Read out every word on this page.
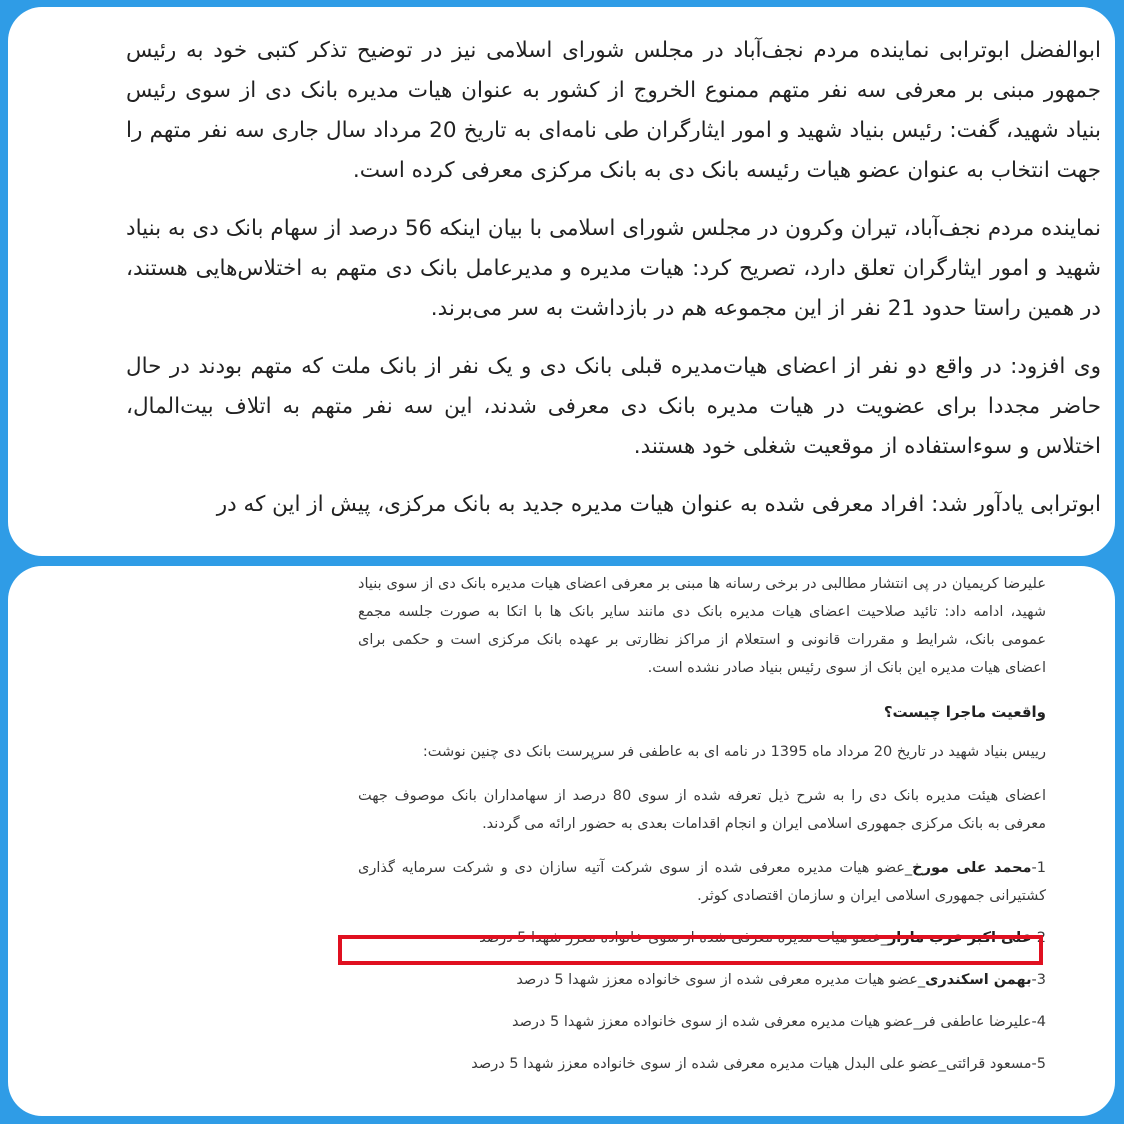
ابوالفضل ابوترابی نماینده مردم نجف‌آباد در مجلس شورای اسلامی نیز در توضیح تذکر کتبی خود به رئیس جمهور مبنی بر معرفی سه نفر متهم ممنوع الخروج از کشور به عنوان هیات مدیره بانک دی از سوی رئیس بنیاد شهید، گفت: رئیس بنیاد شهید و امور ایثارگران طی نامه‌ای به تاریخ 20 مرداد سال جاری سه نفر متهم را جهت انتخاب به عنوان عضو هیات رئیسه بانک دی به بانک مرکزی معرفی کرده است.

نماینده مردم نجف‌آباد، تیران وکرون در مجلس شورای اسلامی با بیان اینکه 56 درصد از سهام بانک دی به بنیاد شهید و امور ایثارگران تعلق دارد، تصریح کرد: هیات مدیره و مدیرعامل بانک دی متهم به اختلاس‌هایی هستند، در همین راستا حدود 21 نفر از این مجموعه هم در بازداشت به سر می‌برند.

وی افزود: در واقع دو نفر از اعضای هیات‌مدیره قبلی بانک دی و یک نفر از بانک ملت که متهم بودند در حال حاضر مجددا برای عضویت در هیات مدیره بانک دی معرفی شدند، این سه نفر متهم به اتلاف بیت‌المال، اختلاس و سوءاستفاده از موقعیت شغلی خود هستند.

ابوترابی یادآور شد: افراد معرفی شده به عنوان هیات مدیره جدید به بانک مرکزی، پیش از این که در

علیرضا کریمیان در پی انتشار مطالبی در برخی رسانه ها مبنی بر معرفی اعضای هیات مدیره بانک دی از سوی بنیاد شهید، ادامه داد: تائید صلاحیت اعضای هیات مدیره بانک دی مانند سایر بانک ها با اتکا به صورت جلسه مجمع عمومی بانک، شرایط و مقررات قانونی و استعلام از مراکز نظارتی بر عهده بانک مرکزی است و حکمی برای اعضای هیات مدیره این بانک از سوی رئیس بنیاد صادر نشده است.

واقعیت ماجرا چیست؟

رییس بنیاد شهید در تاریخ 20 مرداد ماه 1395 در نامه ای به عاطفی فر سرپرست بانک دی چنین نوشت:

اعضای هیئت مدیره بانک دی را به شرح ذیل تعرفه شده از سوی 80 درصد از سهامداران بانک موصوف جهت معرفی به بانک مرکزی جمهوری اسلامی ایران و انجام اقدامات بعدی به حضور ارائه می گردند.

1-محمد علی مورخ_عضو هیات مدیره معرفی شده از سوی شرکت آتیه سازان دی و شرکت سرمایه گذاری کشتیرانی جمهوری اسلامی ایران و سازمان اقتصادی کوثر.
2-علی اکبر عرب مازار_عضو هیات مدیره معرفی شده از سوی خانواده معزز شهدا 5 درصد
3-بهمن اسکندری_عضو هیات مدیره معرفی شده از سوی خانواده معزز شهدا 5 درصد
4-علیرضا عاطفی فر_عضو هیات مدیره معرفی شده از سوی خانواده معزز شهدا 5 درصد
5-مسعود قرائتی_عضو علی البدل هیات مدیره معرفی شده از سوی خانواده معزز شهدا 5 درصد
